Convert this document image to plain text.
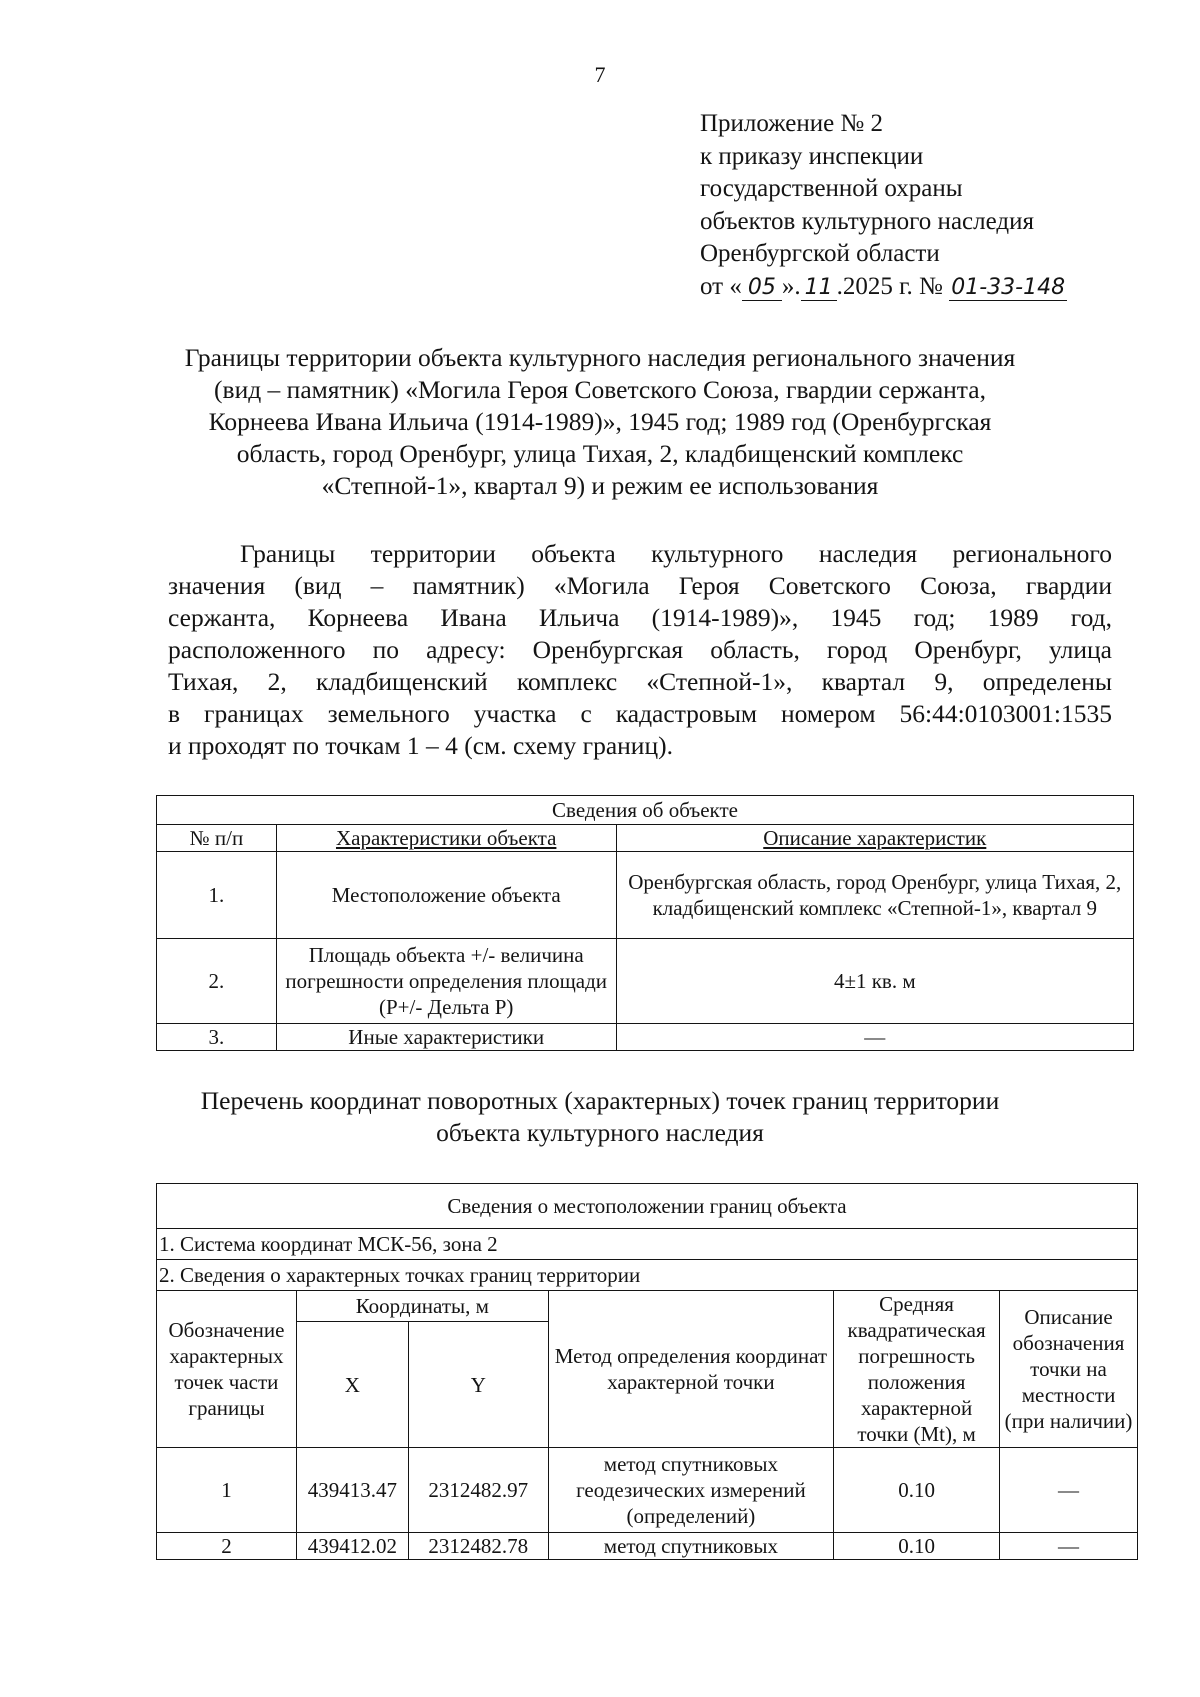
7
Приложение № 2
к приказу инспекции
государственной охраны
объектов культурного наследия
Оренбургской области
от « 05 ». 11 .2025 г. № 01-33-148
Границы территории объекта культурного наследия регионального значения
(вид – памятник) «Могила Героя Советского Союза, гвардии сержанта,
Корнеева Ивана Ильича (1914-1989)», 1945 год; 1989 год (Оренбургская
область, город Оренбург, улица Тихая, 2, кладбищенский комплекс
«Степной-1», квартал 9) и режим ее использования
Границы территории объекта культурного наследия регионального
значения (вид – памятник) «Могила Героя Советского Союза, гвардии
сержанта, Корнеева Ивана Ильича (1914-1989)», 1945 год; 1989 год,
расположенного по адресу: Оренбургская область, город Оренбург, улица
Тихая, 2, кладбищенский комплекс «Степной-1», квартал 9, определены
в границах земельного участка с кадастровым номером 56:44:0103001:1535
и проходят по точкам 1 – 4 (см. схему границ).
Сведения об объекте		
№ п/п	Характеристики объекта	Описание характеристик
1.	Местоположение объекта	Оренбургская область, город Оренбург, улица Тихая, 2, кладбищенский комплекс «Степной-1», квартал 9
2.	Площадь объекта +/- величина погрешности определения площади (Р+/- Дельта Р)	4±1 кв. м
3.	Иные характеристики	—
Перечень координат поворотных (характерных) точек границ территории
объекта культурного наследия
Сведения о местоположении границ объекта					
1. Система координат МСК-56, зона 2					
2. Сведения о характерных точках границ территории					
Обозначение характерных точек части границы	Координаты, м		Метод определения координат характерной точки	Средняя квадратическая погрешность положения характерной точки (Mt), м	Описание обозначения точки на местности (при наличии)
	X	Y			
1	439413.47	2312482.97	метод спутниковых геодезических измерений (определений)	0.10	—
2	439412.02	2312482.78	метод спутниковых	0.10	—
